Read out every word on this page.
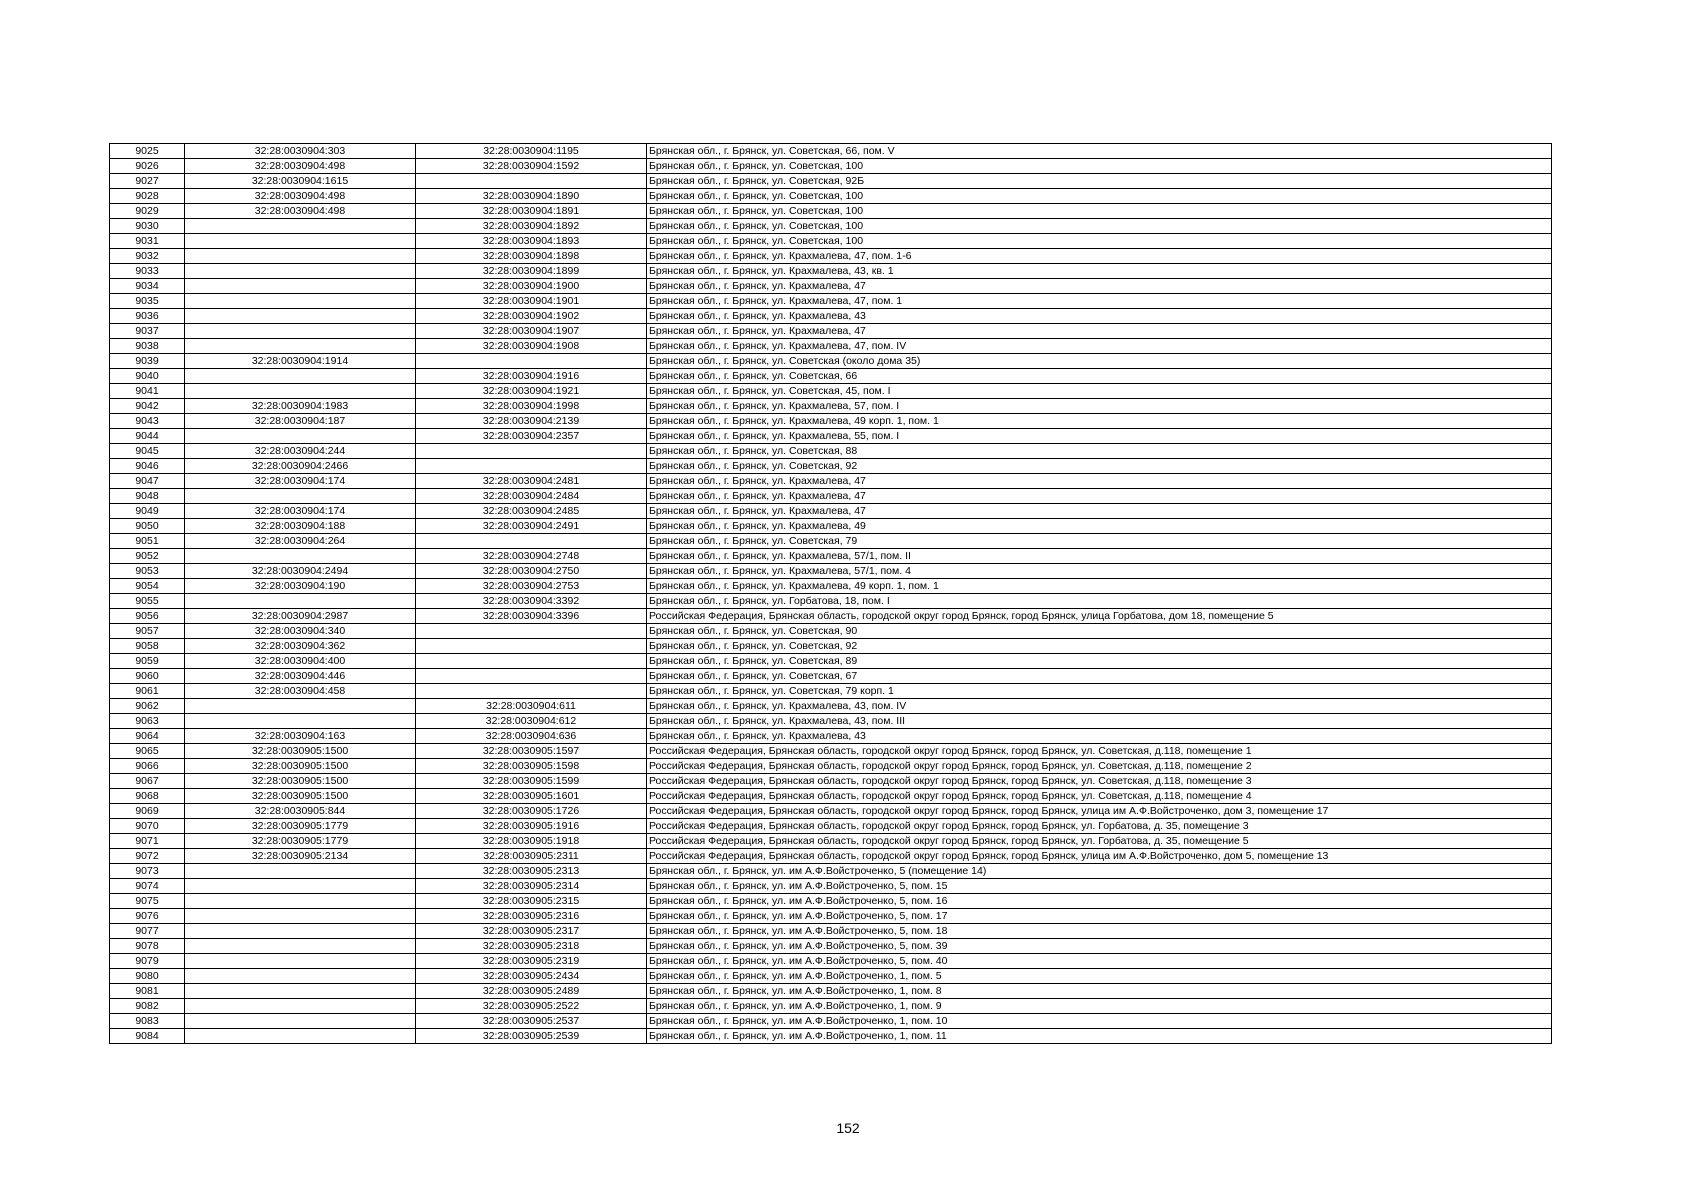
9025	32:28:0030904:303	32:28:0030904:1195	Брянская обл., г. Брянск, ул. Советская, 66, пом. V
9026	32:28:0030904:498	32:28:0030904:1592	Брянская обл., г. Брянск, ул. Советская, 100
9027	32:28:0030904:1615		Брянская обл., г. Брянск, ул. Советская, 92Б
9028	32:28:0030904:498	32:28:0030904:1890	Брянская обл., г. Брянск, ул. Советская, 100
9029	32:28:0030904:498	32:28:0030904:1891	Брянская обл., г. Брянск, ул. Советская, 100
9030		32:28:0030904:1892	Брянская обл., г. Брянск, ул. Советская, 100
9031		32:28:0030904:1893	Брянская обл., г. Брянск, ул. Советская, 100
9032		32:28:0030904:1898	Брянская обл., г. Брянск, ул. Крахмалева, 47, пом. 1-6
9033		32:28:0030904:1899	Брянская обл., г. Брянск, ул. Крахмалева, 43, кв. 1
9034		32:28:0030904:1900	Брянская обл., г. Брянск, ул. Крахмалева, 47
9035		32:28:0030904:1901	Брянская обл., г. Брянск, ул. Крахмалева, 47, пом. 1
9036		32:28:0030904:1902	Брянская обл., г. Брянск, ул. Крахмалева, 43
9037		32:28:0030904:1907	Брянская обл., г. Брянск, ул. Крахмалева, 47
9038		32:28:0030904:1908	Брянская обл., г. Брянск, ул. Крахмалева, 47, пом. IV
9039	32:28:0030904:1914		Брянская обл., г. Брянск, ул. Советская (около дома 35)
9040		32:28:0030904:1916	Брянская обл., г. Брянск, ул. Советская, 66
9041		32:28:0030904:1921	Брянская обл., г. Брянск, ул. Советская, 45, пом. I
9042	32:28:0030904:1983	32:28:0030904:1998	Брянская обл., г. Брянск, ул. Крахмалева, 57, пом. I
9043	32:28:0030904:187	32:28:0030904:2139	Брянская обл., г. Брянск, ул. Крахмалева, 49 корп. 1, пом. 1
9044		32:28:0030904:2357	Брянская обл., г. Брянск, ул. Крахмалева, 55, пом. I
9045	32:28:0030904:244		Брянская обл., г. Брянск, ул. Советская, 88
9046	32:28:0030904:2466		Брянская обл., г. Брянск, ул. Советская, 92
9047	32:28:0030904:174	32:28:0030904:2481	Брянская обл., г. Брянск, ул. Крахмалева, 47
9048		32:28:0030904:2484	Брянская обл., г. Брянск, ул. Крахмалева, 47
9049	32:28:0030904:174	32:28:0030904:2485	Брянская обл., г. Брянск, ул. Крахмалева, 47
9050	32:28:0030904:188	32:28:0030904:2491	Брянская обл., г. Брянск, ул. Крахмалева, 49
9051	32:28:0030904:264		Брянская обл., г. Брянск, ул. Советская, 79
9052		32:28:0030904:2748	Брянская обл., г. Брянск, ул. Крахмалева, 57/1, пом. II
9053	32:28:0030904:2494	32:28:0030904:2750	Брянская обл., г. Брянск, ул. Крахмалева, 57/1, пом. 4
9054	32:28:0030904:190	32:28:0030904:2753	Брянская обл., г. Брянск, ул. Крахмалева, 49 корп. 1, пом. 1
9055		32:28:0030904:3392	Брянская обл., г. Брянск, ул. Горбатова, 18, пом. I
9056	32:28:0030904:2987	32:28:0030904:3396	Российская Федерация, Брянская область, городской округ город Брянск, город Брянск, улица Горбатова, дом 18, помещение 5
9057	32:28:0030904:340		Брянская обл., г. Брянск, ул. Советская, 90
9058	32:28:0030904:362		Брянская обл., г. Брянск, ул. Советская, 92
9059	32:28:0030904:400		Брянская обл., г. Брянск, ул. Советская, 89
9060	32:28:0030904:446		Брянская обл., г. Брянск, ул. Советская, 67
9061	32:28:0030904:458		Брянская обл., г. Брянск, ул. Советская, 79 корп. 1
9062		32:28:0030904:611	Брянская обл., г. Брянск, ул. Крахмалева, 43, пом. IV
9063		32:28:0030904:612	Брянская обл., г. Брянск, ул. Крахмалева, 43, пом. III
9064	32:28:0030904:163	32:28:0030904:636	Брянская обл., г. Брянск, ул. Крахмалева, 43
9065	32:28:0030905:1500	32:28:0030905:1597	Российская Федерация, Брянская область, городской округ город Брянск, город Брянск, ул. Советская, д.118, помещение 1
9066	32:28:0030905:1500	32:28:0030905:1598	Российская Федерация, Брянская область, городской округ город Брянск, город Брянск, ул. Советская, д.118, помещение 2
9067	32:28:0030905:1500	32:28:0030905:1599	Российская Федерация, Брянская область, городской округ город Брянск, город Брянск, ул. Советская, д.118, помещение 3
9068	32:28:0030905:1500	32:28:0030905:1601	Российская Федерация, Брянская область, городской округ город Брянск, город Брянск, ул. Советская, д.118, помещение 4
9069	32:28:0030905:844	32:28:0030905:1726	Российская Федерация, Брянская область, городской округ город Брянск, город Брянск, улица им А.Ф.Войстроченко, дом 3, помещение 17
9070	32:28:0030905:1779	32:28:0030905:1916	Российская Федерация, Брянская область, городской округ город Брянск, город Брянск, ул. Горбатова, д. 35, помещение 3
9071	32:28:0030905:1779	32:28:0030905:1918	Российская Федерация, Брянская область, городской округ город Брянск, город Брянск, ул. Горбатова, д. 35, помещение 5
9072	32:28:0030905:2134	32:28:0030905:2311	Российская Федерация, Брянская область, городской округ город Брянск, город Брянск, улица им А.Ф.Войстроченко, дом 5, помещение 13
9073		32:28:0030905:2313	Брянская обл., г. Брянск, ул. им А.Ф.Войстроченко, 5 (помещение 14)
9074		32:28:0030905:2314	Брянская обл., г. Брянск, ул. им А.Ф.Войстроченко, 5, пом. 15
9075		32:28:0030905:2315	Брянская обл., г. Брянск, ул. им А.Ф.Войстроченко, 5, пом. 16
9076		32:28:0030905:2316	Брянская обл., г. Брянск, ул. им А.Ф.Войстроченко, 5, пом. 17
9077		32:28:0030905:2317	Брянская обл., г. Брянск, ул. им А.Ф.Войстроченко, 5, пом. 18
9078		32:28:0030905:2318	Брянская обл., г. Брянск, ул. им А.Ф.Войстроченко, 5, пом. 39
9079		32:28:0030905:2319	Брянская обл., г. Брянск, ул. им А.Ф.Войстроченко, 5, пом. 40
9080		32:28:0030905:2434	Брянская обл., г. Брянск, ул. им А.Ф.Войстроченко, 1, пом. 5
9081		32:28:0030905:2489	Брянская обл., г. Брянск, ул. им А.Ф.Войстроченко, 1, пом. 8
9082		32:28:0030905:2522	Брянская обл., г. Брянск, ул. им А.Ф.Войстроченко, 1, пом. 9
9083		32:28:0030905:2537	Брянская обл., г. Брянск, ул. им А.Ф.Войстроченко, 1, пом. 10
9084		32:28:0030905:2539	Брянская обл., г. Брянск, ул. им А.Ф.Войстроченко, 1, пом. 11
152
